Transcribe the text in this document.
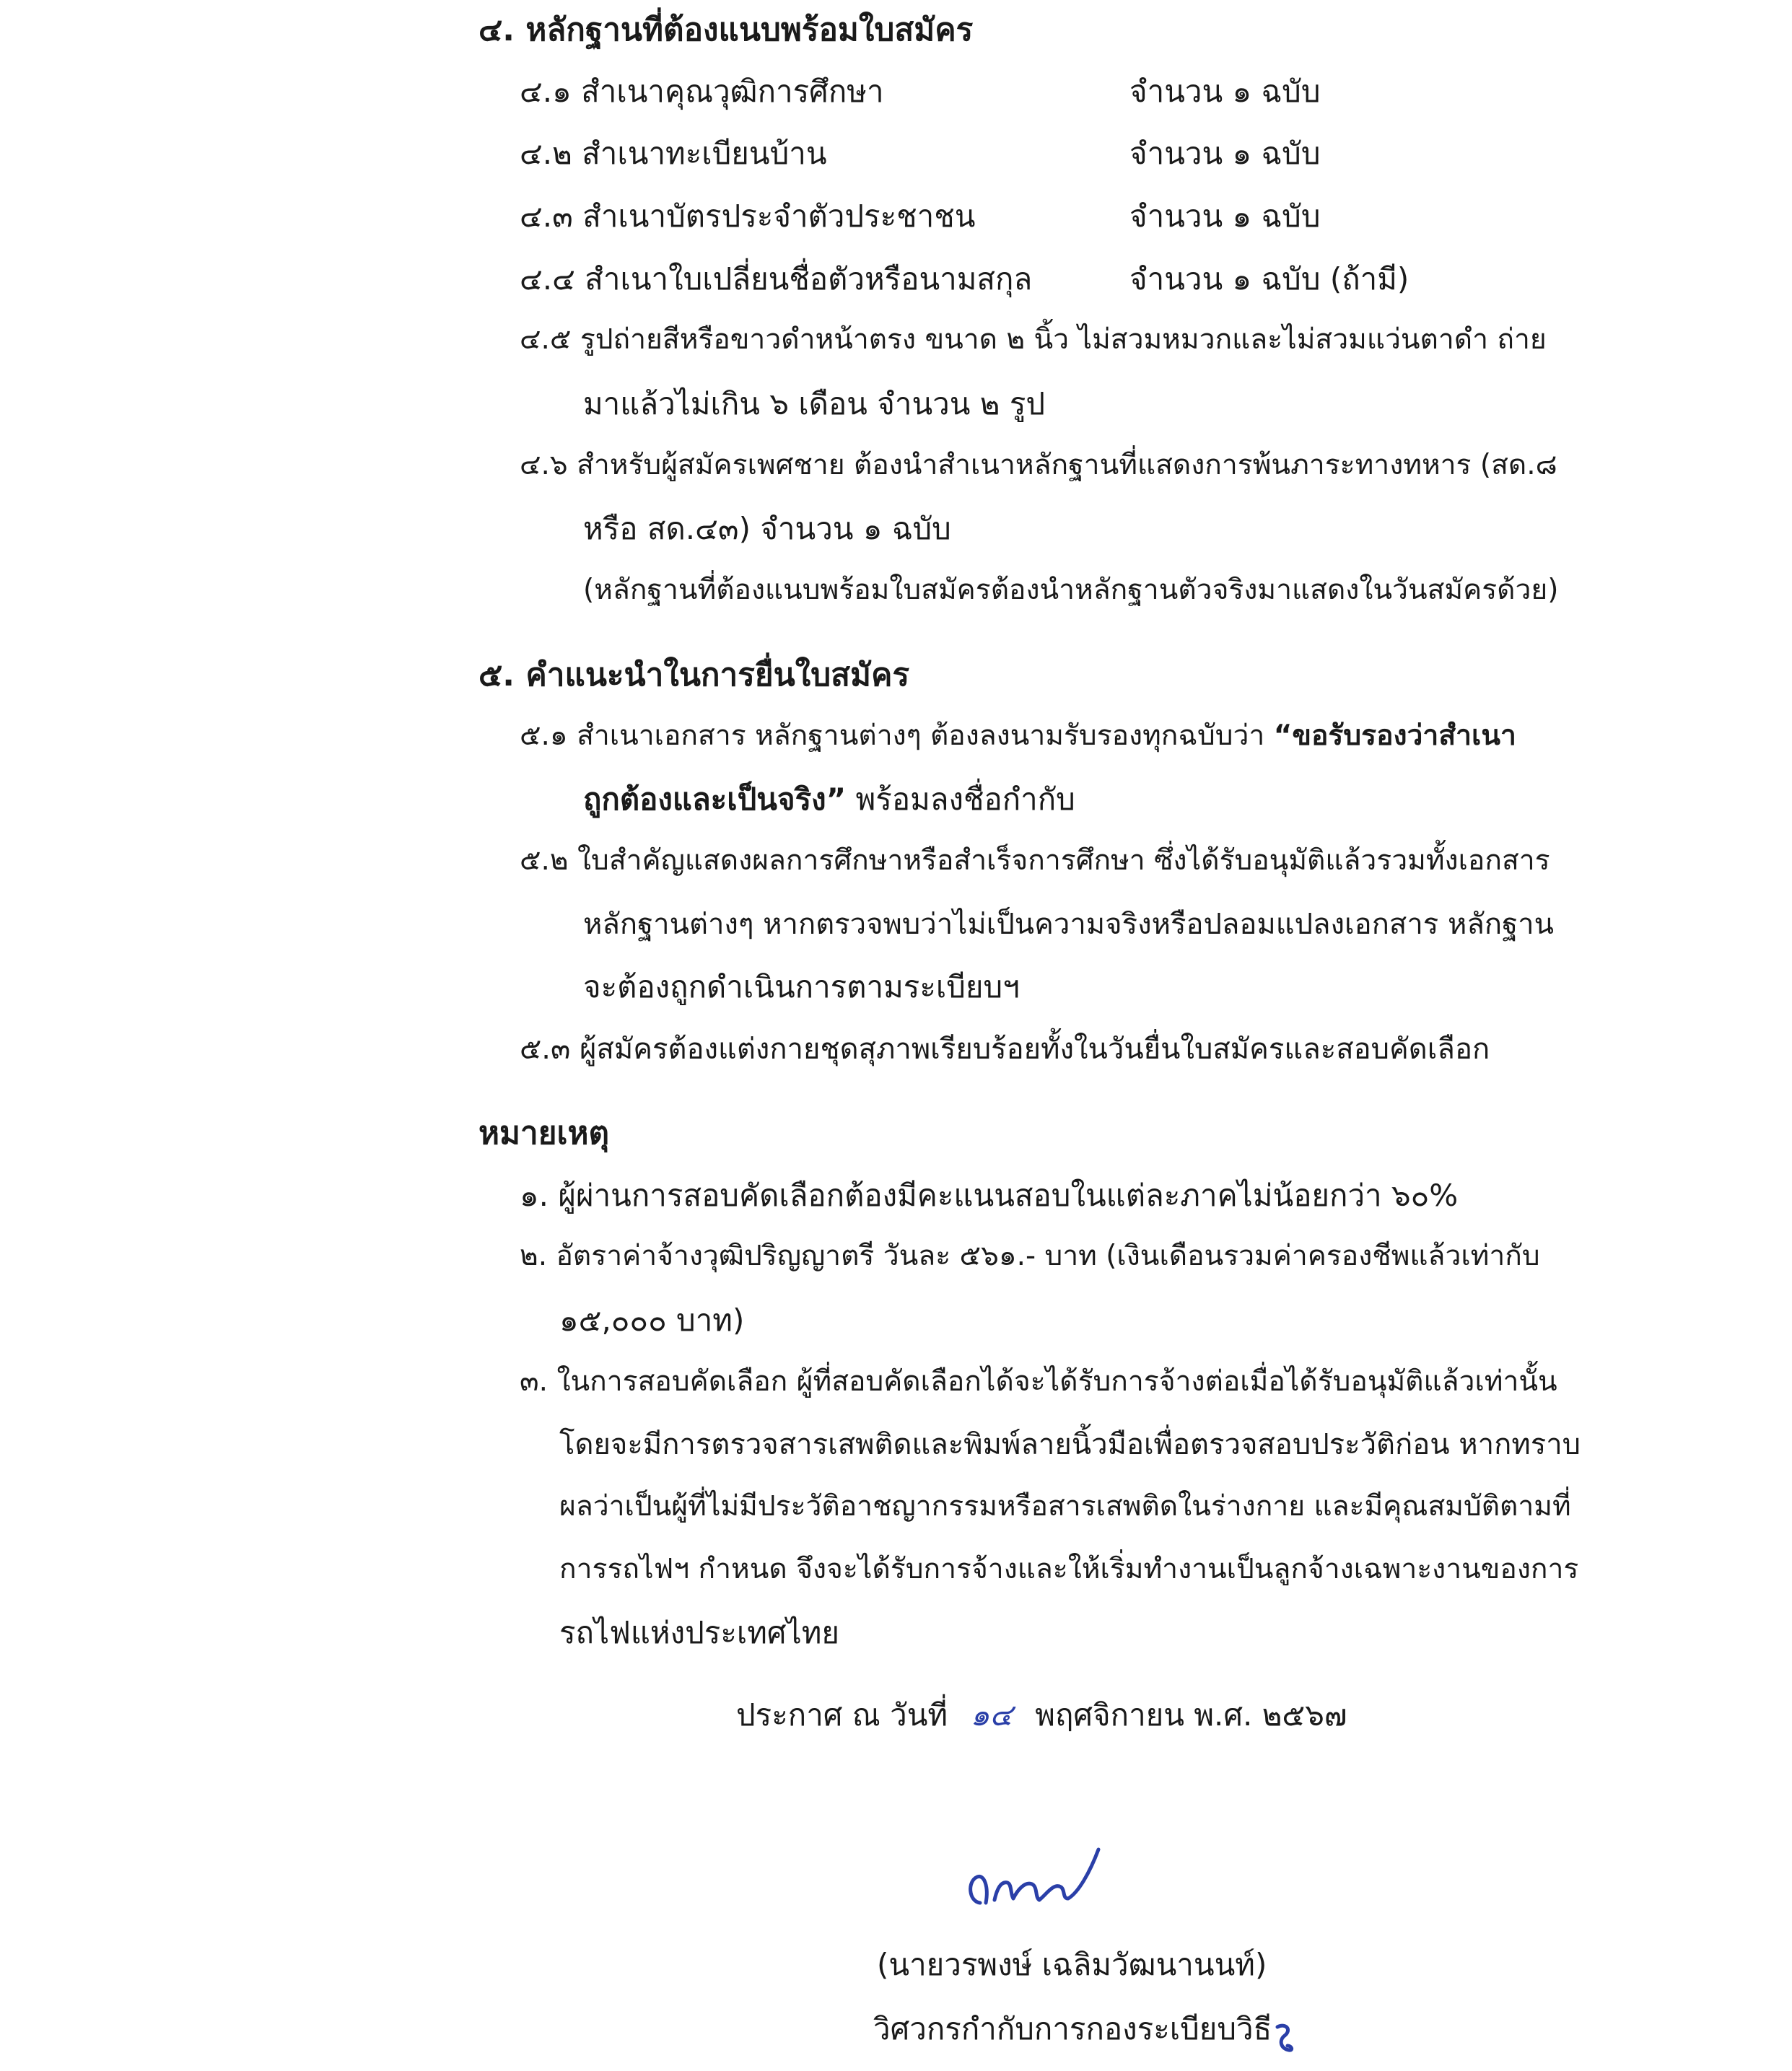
๔. หลักฐานที่ต้องแนบพร้อมใบสมัคร
๔.๑ สำเนาคุณวุฒิการศึกษา	จำนวน ๑ ฉบับ
๔.๒ สำเนาทะเบียนบ้าน	จำนวน ๑ ฉบับ
๔.๓ สำเนาบัตรประจำตัวประชาชน	จำนวน ๑ ฉบับ
๔.๔ สำเนาใบเปลี่ยนชื่อตัวหรือนามสกุล	จำนวน ๑ ฉบับ (ถ้ามี)
๔.๕ รูปถ่ายสีหรือขาวดำหน้าตรง ขนาด ๒ นิ้ว ไม่สวมหมวกและไม่สวมแว่นตาดำ ถ่าย
มาแล้วไม่เกิน ๖ เดือน จำนวน ๒ รูป
๔.๖ สำหรับผู้สมัครเพศชาย ต้องนำสำเนาหลักฐานที่แสดงการพ้นภาระทางทหาร (สด.๘
หรือ สด.๔๓) จำนวน ๑ ฉบับ
(หลักฐานที่ต้องแนบพร้อมใบสมัครต้องนำหลักฐานตัวจริงมาแสดงในวันสมัครด้วย)
๕. คำแนะนำในการยื่นใบสมัคร
๕.๑ สำเนาเอกสาร หลักฐานต่างๆ ต้องลงนามรับรองทุกฉบับว่า “ขอรับรองว่าสำเนา
ถูกต้องและเป็นจริง” พร้อมลงชื่อกำกับ
๕.๒ ใบสำคัญแสดงผลการศึกษาหรือสำเร็จการศึกษา ซึ่งได้รับอนุมัติแล้วรวมทั้งเอกสาร
หลักฐานต่างๆ หากตรวจพบว่าไม่เป็นความจริงหรือปลอมแปลงเอกสาร หลักฐาน
จะต้องถูกดำเนินการตามระเบียบฯ
๕.๓ ผู้สมัครต้องแต่งกายชุดสุภาพเรียบร้อยทั้งในวันยื่นใบสมัครและสอบคัดเลือก
หมายเหตุ
๑. ผู้ผ่านการสอบคัดเลือกต้องมีคะแนนสอบในแต่ละภาคไม่น้อยกว่า ๖๐%
๒. อัตราค่าจ้างวุฒิปริญญาตรี วันละ ๕๖๑.- บาท (เงินเดือนรวมค่าครองชีพแล้วเท่ากับ
๑๕,๐๐๐ บาท)
๓. ในการสอบคัดเลือก ผู้ที่สอบคัดเลือกได้จะได้รับการจ้างต่อเมื่อได้รับอนุมัติแล้วเท่านั้น
โดยจะมีการตรวจสารเสพติดและพิมพ์ลายนิ้วมือเพื่อตรวจสอบประวัติก่อน หากทราบ
ผลว่าเป็นผู้ที่ไม่มีประวัติอาชญากรรมหรือสารเสพติดในร่างกาย และมีคุณสมบัติตามที่
การรถไฟฯ กำหนด จึงจะได้รับการจ้างและให้เริ่มทำงานเป็นลูกจ้างเฉพาะงานของการ
รถไฟแห่งประเทศไทย
ประกาศ ณ วันที่ ๑๔ พฤศจิกายน พ.ศ. ๒๕๖๗
(นายวรพงษ์ เฉลิมวัฒนานนท์)
วิศวกรกำกับการกองระเบียบวิธี
